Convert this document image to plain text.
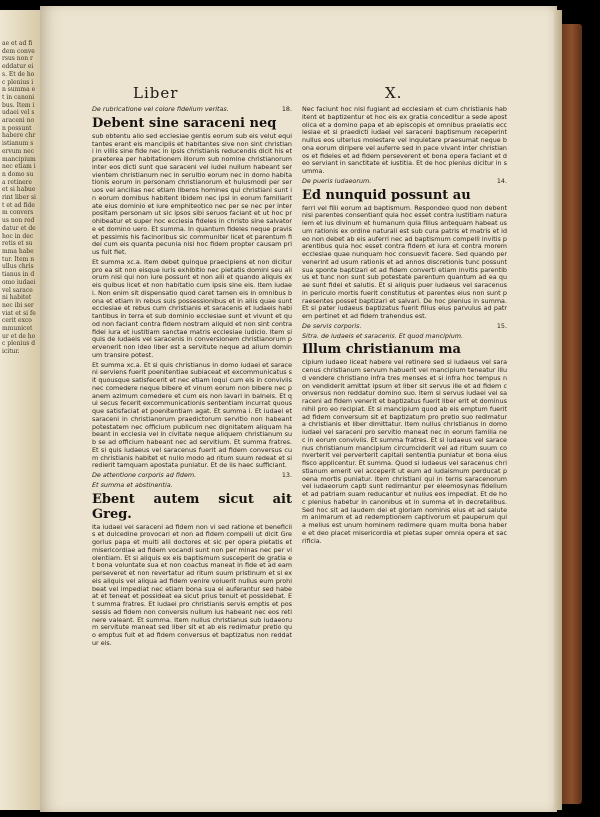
ae et ad fidem conversus non reddatur eis. Et de hoc plenius in summa et in canonibus. Item iudaei vel saraceni non possunt habere christianum servum nec mancipium nec etiam in domo sua retinere et si habuerint liber sit et ad fidem conversus non reddatur et de hoc in decretis et summa habetur. Item nullus christianus in domo iudaei vel saraceni habitet nec ibi serviat et si fecerit excommunicetur et de hoc plenius dicitur.
Liber	X.

De rubricatione vel colore fidelium veritas.	18.

Debent sine saraceni neq

sub obtentu alio sed ecclesiae gentis eorum sub eis velut equitantes erant eis mancipiis et habitantes sive non sint christiani in villis sine fide nec in ipsis christianis reducendis dicit his et praeterea per habitationem illorum sub nomine christianorum inter eos dicti sunt que saraceni vel iudei nullum habeant servientem christianum nec in seruitio eorum nec in domo habitationis eorum in personam christianorum et huiusmodi per seruos vel ancillas nec etiam liberos homines qui christiani sunt in eorum domibus habitent ibidem nec ipsi in eorum familiaritate eius dominio et iure emphiteotico nec per se nec per interpositam personam ut sic ipsos sibi seruos faciant et ut hoc prohibeatur et super hoc ecclesia fideles in christo sine salvatore et domino uero. Et summa. In quantum fideles neque pravis et pessimis his facinoribus sic communiter licet et parentum fidei cum eis quanta pecunia nisi hoc fidem propter causam prius fuit fiet.

Et summa xc.a. Item debet quinque praecipiens et non dicitur pro ea sit non eisque iuris exhibitio nec pietatis domini seu aliorum nisi qui non iure possunt et non alii et quando aliquis ex eis quibus licet et non habitatio cum ipsis sine eis. Item iudaei. Non enim sit dispensatio quod caret tamen eis in omnibus bona et etiam in rebus suis possessionibus et in aliis quae sunt ecclesiae et rebus cum christianis et saracenis et iudaeis habitantibus in terra et sub dominio ecclesiae sunt et vivunt et quod non faciant contra fidem nostram aliquid et non sint contra fidei iura et iustitiam sanctae matris ecclesiae iudicio. Item si quis de iudaeis vel saracenis in conversionem christianorum pervenerit non ideo liber est a servitute neque ad alium dominum transire potest.

Et summa xc.a. Et si quis christianus in domo iudaei et saraceni serviens fuerit poenitentiae subiaceat et excommunicatus sit quousque satisfecerit et nec etiam loqui cum eis in conviviis nec comedere neque bibere et vinum eorum non bibere nec panem azimum comedere et cum eis non lavari in balneis. Et qui secus fecerit excommunicationis sententiam incurrat quousque satisfaciat et poenitentiam agat. Et summa i. Et iudaei et saraceni in christianorum praedictorum servitio non habeant potestatem nec officium publicum nec dignitatem aliquam habeant in ecclesia vel in civitate neque aliquem christianum sub se ad officium habeant nec ad servitium. Et summa fratres. Et si quis iudaeus vel saracenus fuerit ad fidem conversus cum christianis habitet et nullo modo ad ritum suum redeat et si redierit tamquam apostata puniatur. Et de iis haec sufficiant.

De attentione corporis ad fidem.	13.

Et summa et abstinentia.

Ebent autem sicut ait Greg.

Ita iudaei vel saraceni ad fidem non vi sed ratione et beneficiis et dulcedine provocari et non ad fidem compelli ut dicit Gregorius papa et multi alii doctores et sic per opera pietatis et misericordiae ad fidem vocandi sunt non per minas nec per violentiam. Et si aliquis ex eis baptismum susceperit de gratia et bona voluntate sua et non coactus maneat in fide et ad eam perseveret et non revertatur ad ritum suum pristinum et si ex eis aliquis vel aliqua ad fidem venire voluerit nullus eum prohibeat vel impediat nec etiam bona sua ei auferantur sed habeat et teneat et possideat ea sicut prius tenuit et possidebat. Et summa fratres. Et iudaei pro christianis servis emptis et possessis ad fidem non conversis nullum ius habeant nec eos retinere valeant. Et summa. Item nullus christianus sub iudaeorum servitute maneat sed liber sit et ab eis redimatur pretio quo emptus fuit et ad fidem conversus et baptizatus non reddatur eis.

Nec faciunt hoc nisi fugiant ad ecclesiam et cum christianis habitent et baptizentur et hoc eis ex gratia conceditur a sede apostolica et a domino papa et ab episcopis et omnibus praelatis ecclesiae et si praedicti iudaei vel saraceni baptismum receperint nullus eos ulterius molestare vel inquietare praesumat neque bona eorum diripere vel auferre sed in pace vivant inter christianos et fideles et ad fidem perseverent et bona opera faciant et deo serviant in sanctitate et iustitia. Et de hoc plenius dicitur in summa.

De pueris iudaeorum.	14.

Ed nunquid possunt au

ferri vel filii eorum ad baptismum. Respondeo quod non debent nisi parentes consentiant quia hoc esset contra iustitiam naturalem et ius divinum et humanum quia filius antequam habeat usum rationis ex ordine naturali est sub cura patris et matris et ideo non debet ab eis auferri nec ad baptismum compelli invitis parentibus quia hoc esset contra fidem et iura et contra morem ecclesiae quae nunquam hoc consuevit facere. Sed quando pervenerint ad usum rationis et ad annos discretionis tunc possunt sua sponte baptizari et ad fidem converti etiam invitis parentibus et tunc non sunt sub potestate parentum quantum ad ea quae sunt fidei et salutis. Et si aliquis puer iudaeus vel saracenus in periculo mortis fuerit constitutus et parentes eius non sunt praesentes posset baptizari et salvari. De hoc plenius in summa. Et si pater iudaeus baptizatus fuerit filius eius parvulus ad patrem pertinet et ad fidem trahendus est.

De servis corporis.	15.

Sitra. de iudaeis et saracenis. Et quod mancipium.

Illum christianum ma

cipium iudaeo liceat habere vel retinere sed si iudaeus vel saracenus christianum servum habuerit vel mancipium teneatur illud vendere christiano infra tres menses et si infra hoc tempus non vendiderit amittat ipsum et liber sit servus ille et ad fidem conversus non reddatur domino suo. Item si servus iudaei vel saraceni ad fidem venerit et baptizatus fuerit liber erit et dominus nihil pro eo recipiat. Et si mancipium quod ab eis emptum fuerit ad fidem conversum sit et baptizatum pro pretio suo redimatur a christianis et liber dimittatur. Item nullus christianus in domo iudaei vel saraceni pro servitio maneat nec in eorum familia nec in eorum conviviis. Et summa fratres. Et si iudaeus vel saracenus christianum mancipium circumciderit vel ad ritum suum converterit vel perverterit capitali sententia puniatur et bona eius fisco applicentur. Et summa. Quod si iudaeus vel saracenus christianum emerit vel acceperit ut eum ad iudaismum perducat poena mortis puniatur. Item christiani qui in terris saracenorum vel iudaeorum capti sunt redimantur per eleemosynas fidelium et ad patriam suam reducantur et nullus eos impediat. Et de hoc plenius habetur in canonibus et in summa et in decretalibus. Sed hoc sit ad laudem dei et gloriam nominis eius et ad salutem animarum et ad redemptionem captivorum et pauperum quia melius est unum hominem redimere quam multa bona habere et deo placet misericordia et pietas super omnia opera et sacrificia.
